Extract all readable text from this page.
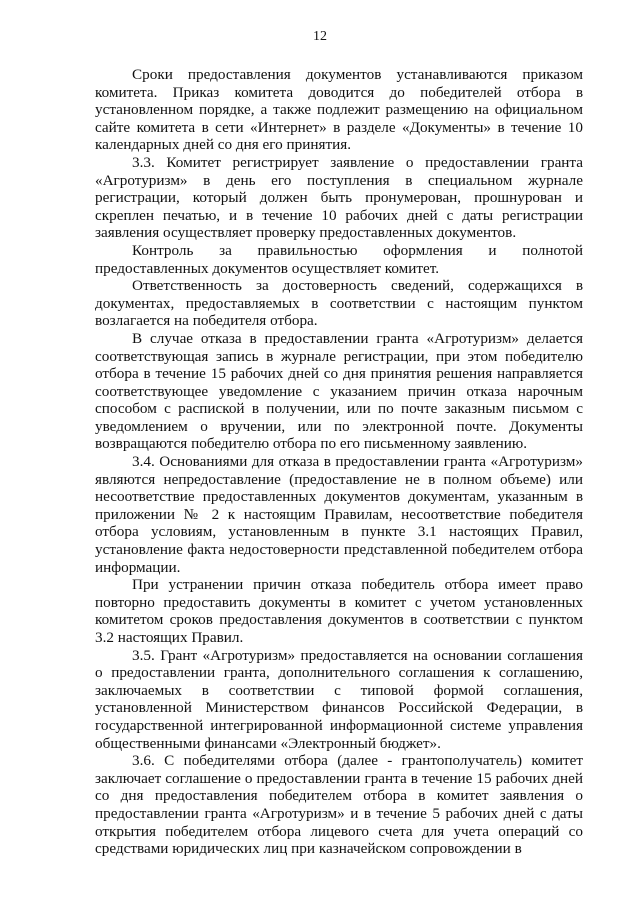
12

Сроки предоставления документов устанавливаются приказом комитета. Приказ комитета доводится до победителей отбора в установленном порядке, а также подлежит размещению на официальном сайте комитета в сети «Интернет» в разделе «Документы» в течение 10 календарных дней со дня его принятия.

3.3. Комитет регистрирует заявление о предоставлении гранта «Агротуризм» в день его поступления в специальном журнале регистрации, который должен быть пронумерован, прошнурован и скреплен печатью, и в течение 10 рабочих дней с даты регистрации заявления осуществляет проверку предоставленных документов.

Контроль за правильностью оформления и полнотой предоставленных документов осуществляет комитет.

Ответственность за достоверность сведений, содержащихся в документах, предоставляемых в соответствии с настоящим пунктом возлагается на победителя отбора.

В случае отказа в предоставлении гранта «Агротуризм» делается соответствующая запись в журнале регистрации, при этом победителю отбора в течение 15 рабочих дней со дня принятия решения направляется соответствующее уведомление с указанием причин отказа нарочным способом с распиской в получении, или по почте заказным письмом с уведомлением о вручении, или по электронной почте. Документы возвращаются победителю отбора по его письменному заявлению.

3.4. Основаниями для отказа в предоставлении гранта «Агротуризм» являются непредоставление (предоставление не в полном объеме) или несоответствие предоставленных документов документам, указанным в приложении № 2 к настоящим Правилам, несоответствие победителя отбора условиям, установленным в пункте 3.1 настоящих Правил, установление факта недостоверности представленной победителем отбора информации.

При устранении причин отказа победитель отбора имеет право повторно предоставить документы в комитет с учетом установленных комитетом сроков предоставления документов в соответствии с пунктом 3.2 настоящих Правил.

3.5. Грант «Агротуризм» предоставляется на основании соглашения о предоставлении гранта, дополнительного соглашения к соглашению, заключаемых в соответствии с типовой формой соглашения, установленной Министерством финансов Российской Федерации, в государственной интегрированной информационной системе управления общественными финансами «Электронный бюджет».

3.6. С победителями отбора (далее - грантополучатель) комитет заключает соглашение о предоставлении гранта в течение 15 рабочих дней со дня предоставления победителем отбора в комитет заявления о предоставлении гранта «Агротуризм» и в течение 5 рабочих дней с даты открытия победителем отбора лицевого счета для учета операций со средствами юридических лиц при казначейском сопровождении в
